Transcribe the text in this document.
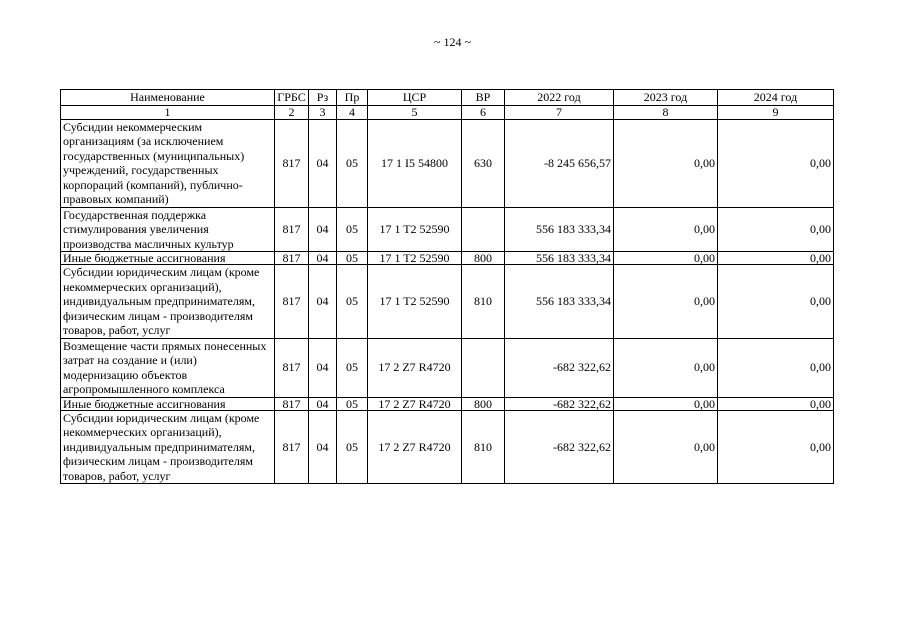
~ 124 ~
Наименование	ГРБС	Рз	Пр	ЦСР	ВР	2022 год	2023 год	2024 год
1	2	3	4	5	6	7	8	9
Субсидии некоммерческим организациям (за исключением государственных (муниципальных) учреждений, государственных корпораций (компаний), публично-правовых компаний)	817	04	05	17 1 I5 54800	630	-8 245 656,57	0,00	0,00
Государственная поддержка стимулирования увеличения производства масличных культур	817	04	05	17 1 T2 52590		556 183 333,34	0,00	0,00
Иные бюджетные ассигнования	817	04	05	17 1 T2 52590	800	556 183 333,34	0,00	0,00
Субсидии юридическим лицам (кроме некоммерческих организаций), индивидуальным предпринимателям, физическим лицам - производителям товаров, работ, услуг	817	04	05	17 1 T2 52590	810	556 183 333,34	0,00	0,00
Возмещение части прямых понесенных затрат на создание и (или) модернизацию объектов агропромышленного комплекса	817	04	05	17 2 Z7 R4720		-682 322,62	0,00	0,00
Иные бюджетные ассигнования	817	04	05	17 2 Z7 R4720	800	-682 322,62	0,00	0,00
Субсидии юридическим лицам (кроме некоммерческих организаций), индивидуальным предпринимателям, физическим лицам - производителям товаров, работ, услуг	817	04	05	17 2 Z7 R4720	810	-682 322,62	0,00	0,00
